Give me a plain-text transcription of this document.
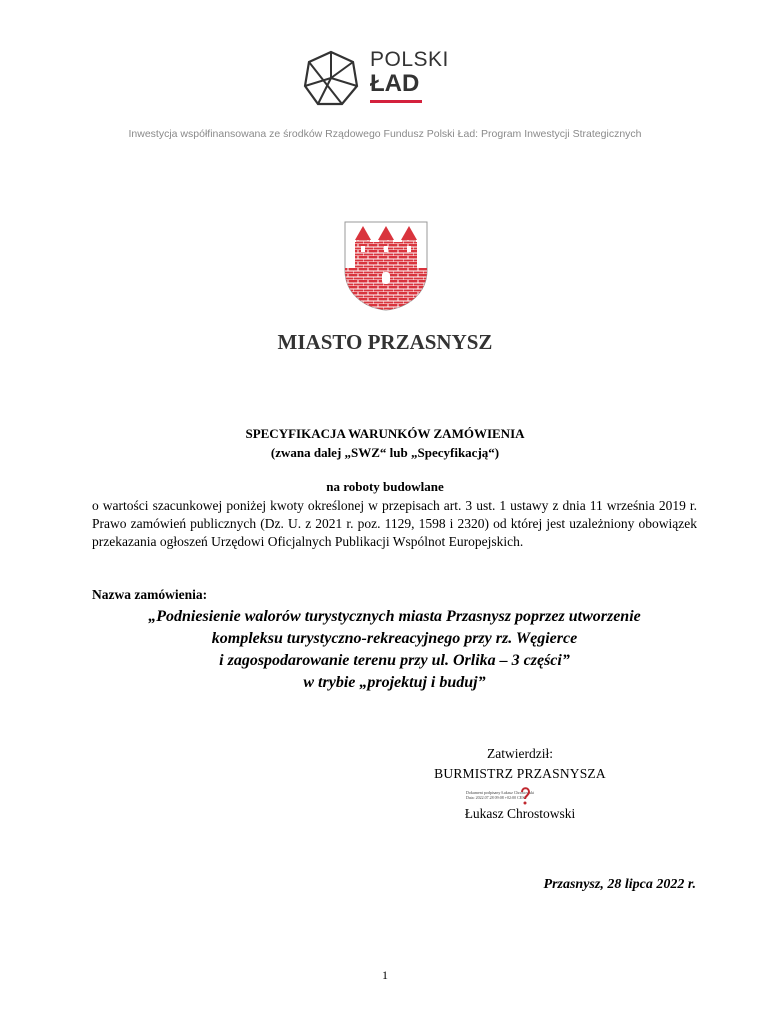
POLSKI
ŁAD
Inwestycja współfinansowana ze środków Rządowego Fundusz Polski Ład: Program Inwestycji Strategicznych
MIASTO PRZASNYSZ
SPECYFIKACJA WARUNKÓW ZAMÓWIENIA
(zwana dalej „SWZ“ lub „Specyfikacją“)
na roboty budowlane
o wartości szacunkowej poniżej kwoty określonej w przepisach art. 3 ust. 1 ustawy z dnia 11 września 2019 r. Prawo zamówień publicznych (Dz. U. z 2021 r. poz. 1129, 1598 i 2320) od której jest uzależniony obowiązek przekazania ogłoszeń Urzędowi Oficjalnych Publikacji Wspólnot Europejskich.
Nazwa zamówienia:
„Podniesienie walorów turystycznych miasta Przasnysz poprzez utworzenie
kompleksu turystyczno-rekreacyjnego przy rz. Węgierce
i zagospodarowanie terenu przy ul. Orlika – 3 części”
w trybie „projektuj i buduj”
Zatwierdził:
BURMISTRZ PRZASNYSZA
Dokument podpisany Łukasz Chrostowski
Data: 2022.07.28 09:08 +02:00 CEST
Łukasz Chrostowski
Przasnysz, 28 lipca 2022 r.
1
